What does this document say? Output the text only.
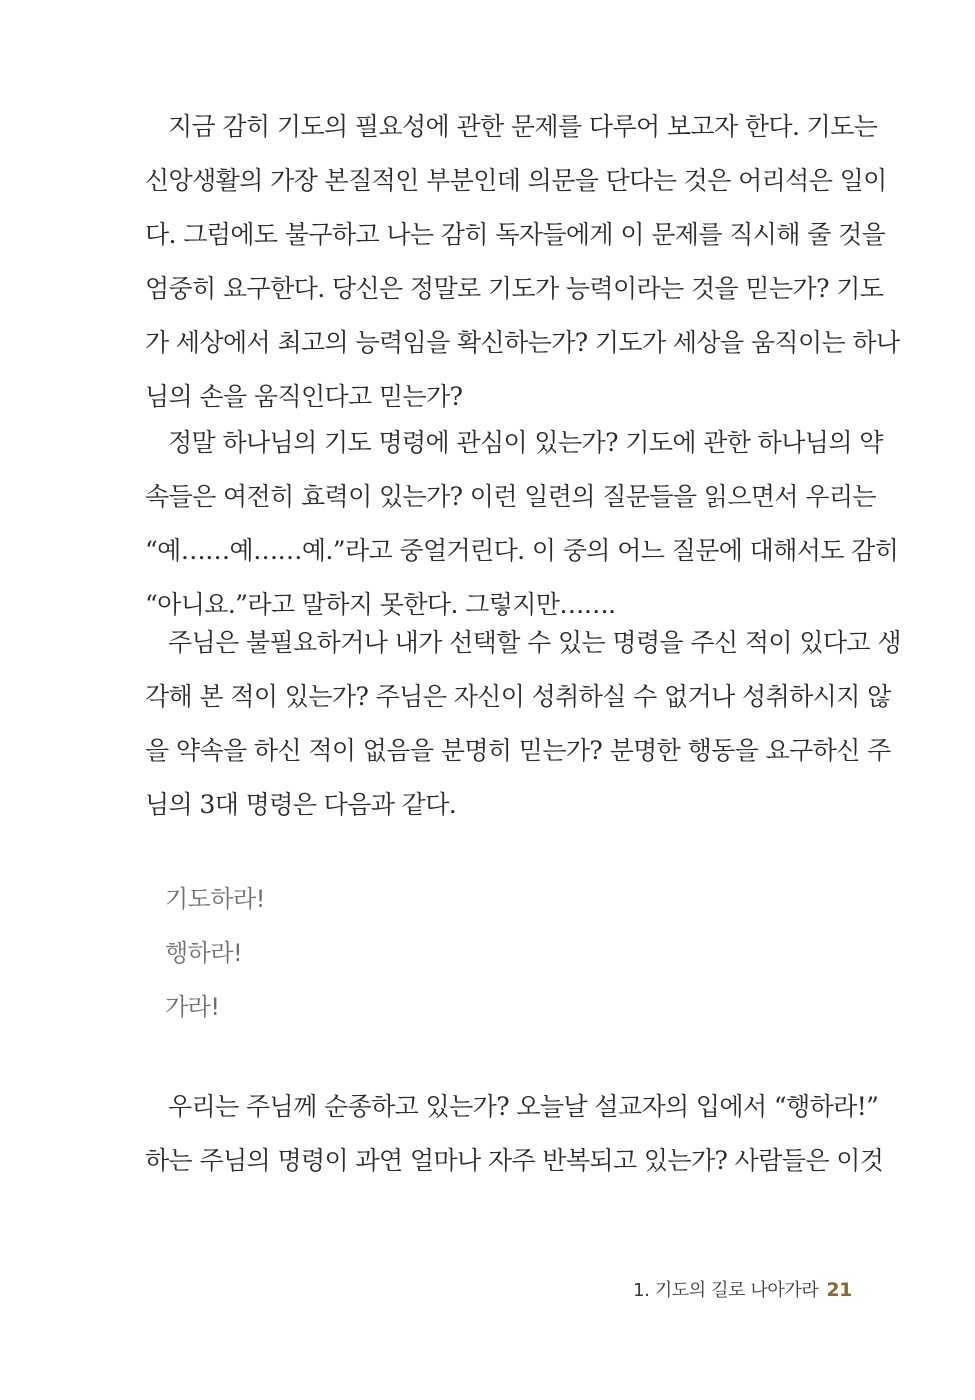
지금 감히 기도의 필요성에 관한 문제를 다루어 보고자 한다. 기도는

신앙생활의 가장 본질적인 부분인데 의문을 단다는 것은 어리석은 일이

다. 그럼에도 불구하고 나는 감히 독자들에게 이 문제를 직시해 줄 것을

엄중히 요구한다. 당신은 정말로 기도가 능력이라는 것을 믿는가? 기도

가 세상에서 최고의 능력임을 확신하는가? 기도가 세상을 움직이는 하나

님의 손을 움직인다고 믿는가?

정말 하나님의 기도 명령에 관심이 있는가? 기도에 관한 하나님의 약

속들은 여전히 효력이 있는가? 이런 일련의 질문들을 읽으면서 우리는

“예……예……예.”라고 중얼거린다. 이 중의 어느 질문에 대해서도 감히

“아니요.”라고 말하지 못한다. 그렇지만…….

주님은 불필요하거나 내가 선택할 수 있는 명령을 주신 적이 있다고 생

각해 본 적이 있는가? 주님은 자신이 성취하실 수 없거나 성취하시지 않

을 약속을 하신 적이 없음을 분명히 믿는가? 분명한 행동을 요구하신 주

님의 3대 명령은 다음과 같다.

기도하라!
행하라!
가라!

우리는 주님께 순종하고 있는가? 오늘날 설교자의 입에서 “행하라!”

하는 주님의 명령이 과연 얼마나 자주 반복되고 있는가? 사람들은 이것

1. 기도의 길로 나아가라 21
